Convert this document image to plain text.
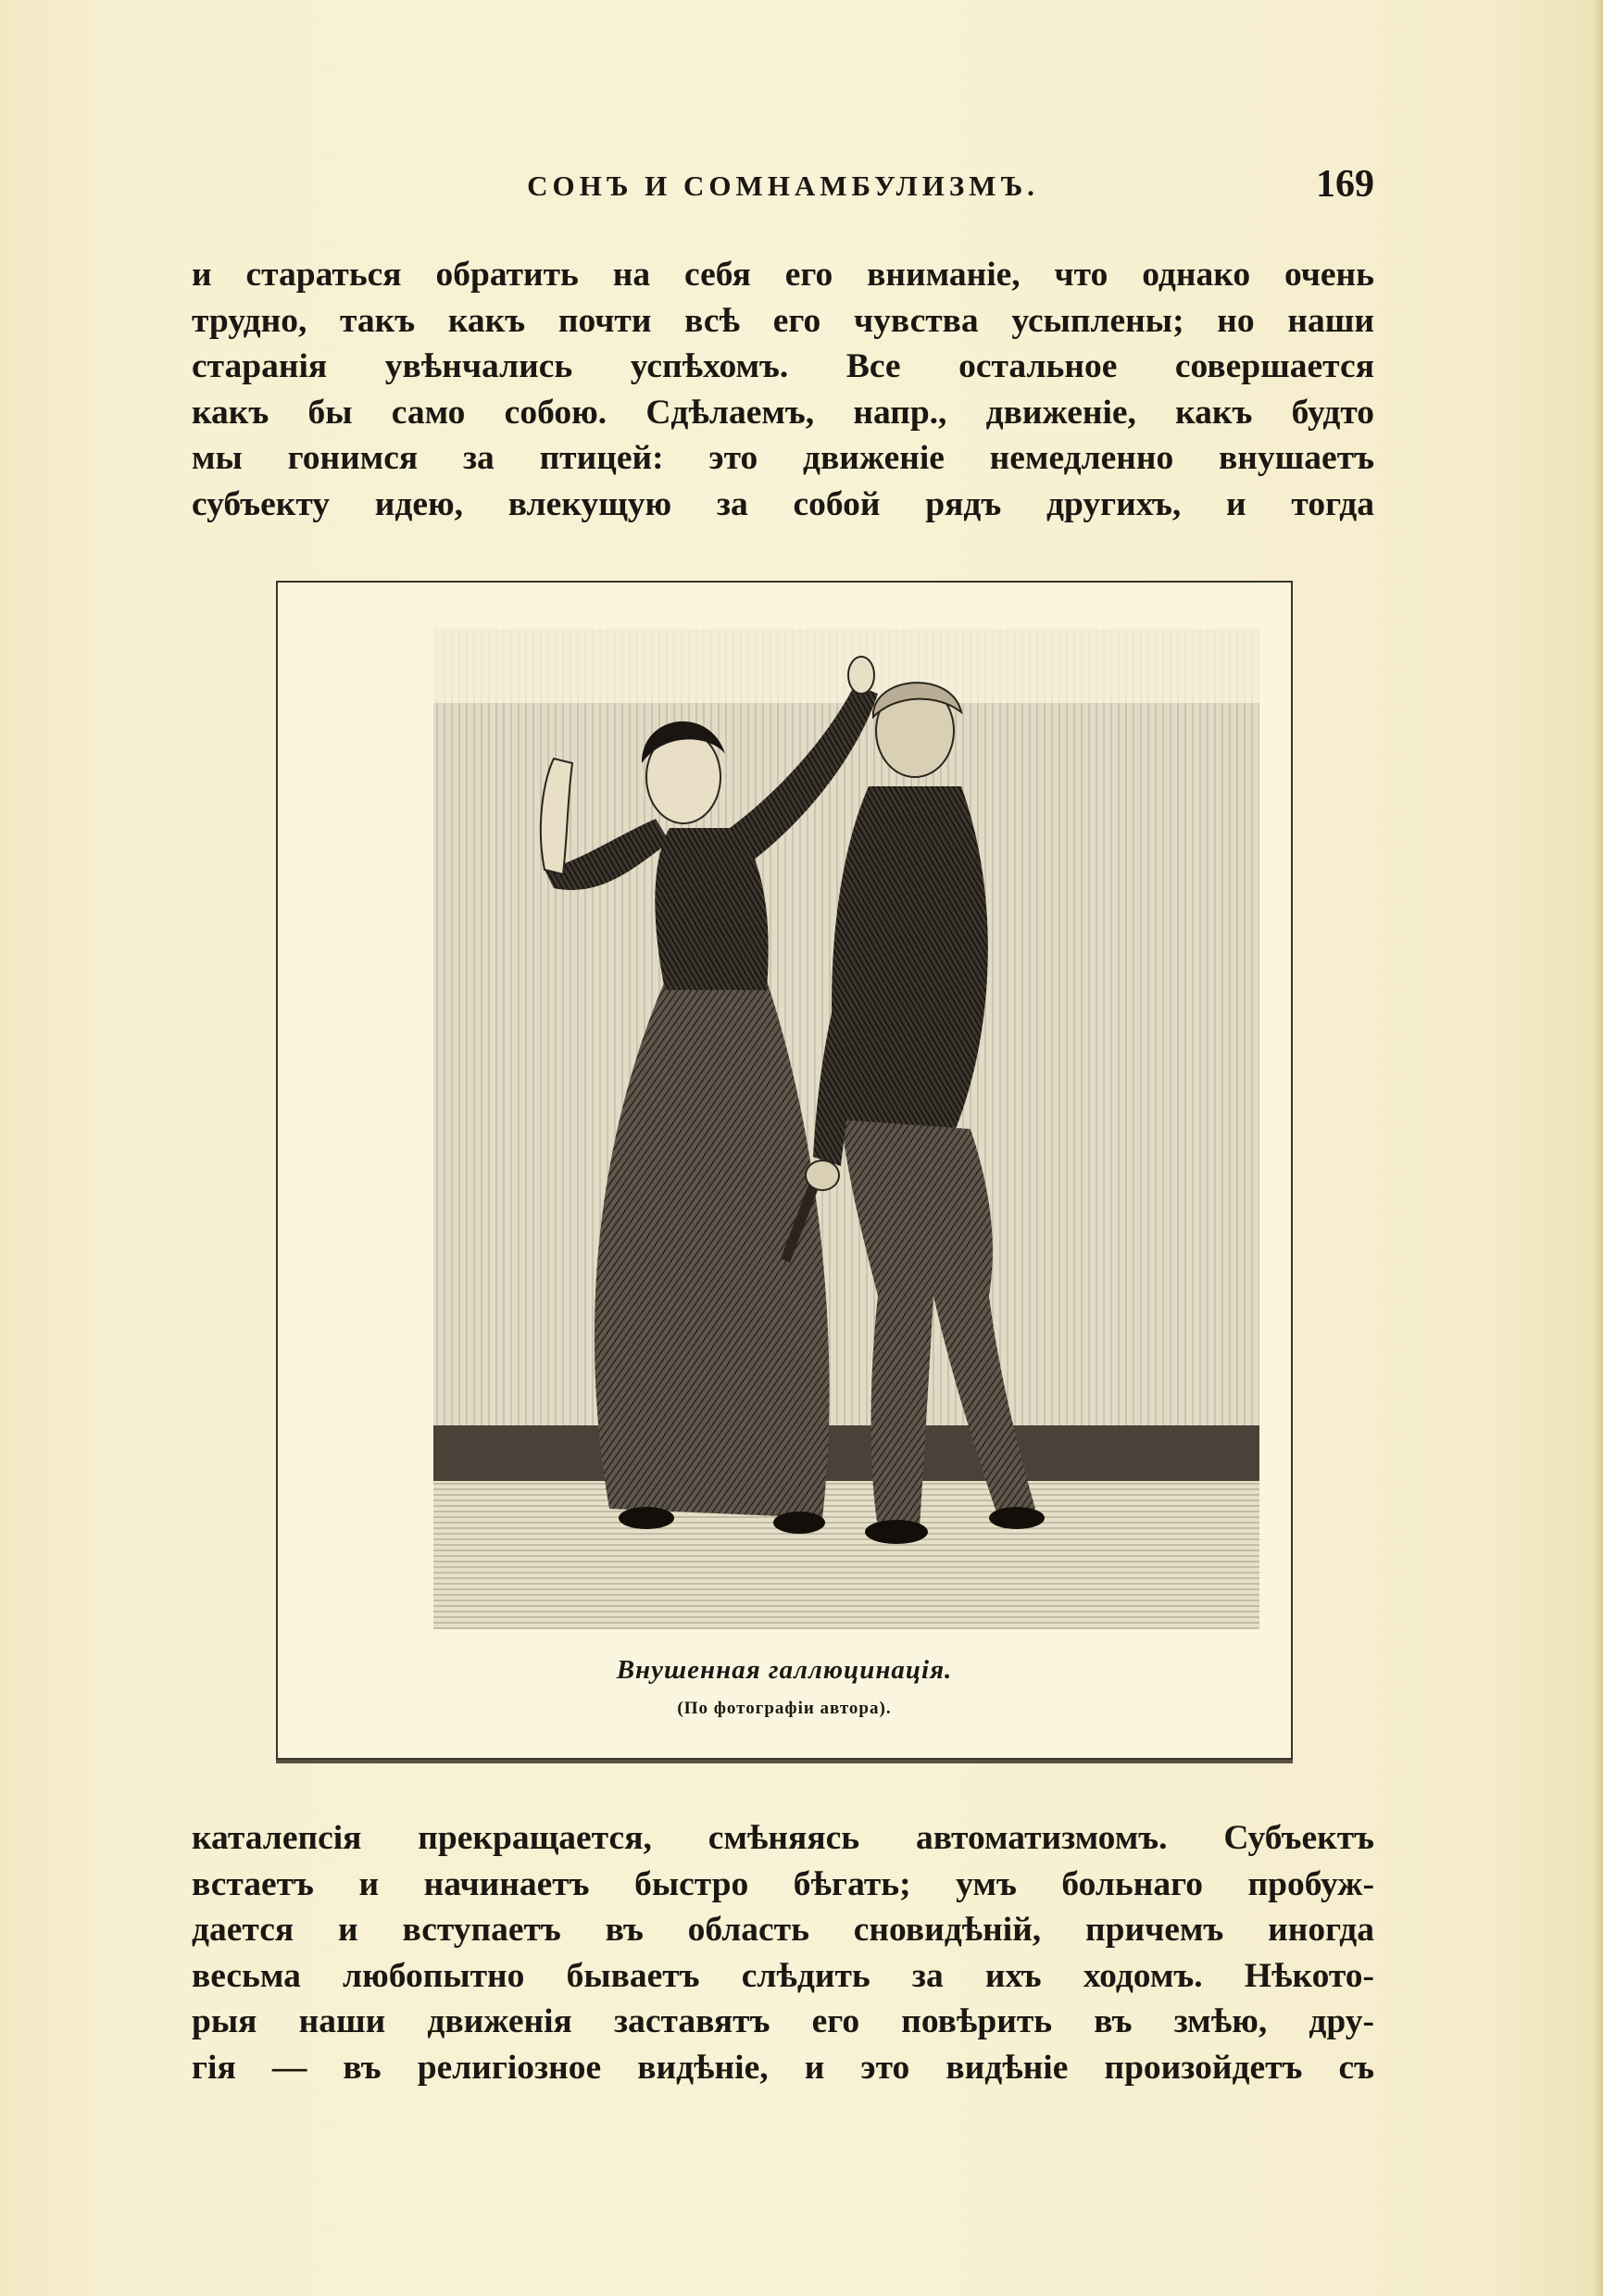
СОНЪ И СОМНАМБУЛИЗМЪ.	169
и стараться обратить на себя его вниманіе, что однако очень
трудно, такъ какъ почти всѣ его чувства усыплены; но наши
старанія увѣнчались успѣхомъ. Все остальное совершается
какъ бы само собою. Сдѣлаемъ, напр., движеніе, какъ будто
мы гонимся за птицей: это движеніе немедленно внушаетъ
субъекту идею, влекущую за собой рядъ другихъ, и тогда
Внушенная галлюцинація.
(По фотографіи автора).
каталепсія прекращается, смѣняясь автоматизмомъ. Субъектъ
встаетъ и начинаетъ быстро бѣгать; умъ больнаго пробуж-
дается и вступаетъ въ область сновидѣній, причемъ иногда
весьма любопытно бываетъ слѣдить за ихъ ходомъ. Нѣкото-
рыя наши движенія заставятъ его повѣрить въ змѣю, дру-
гія — въ религіозное видѣніе, и это видѣніе произойдетъ съ
